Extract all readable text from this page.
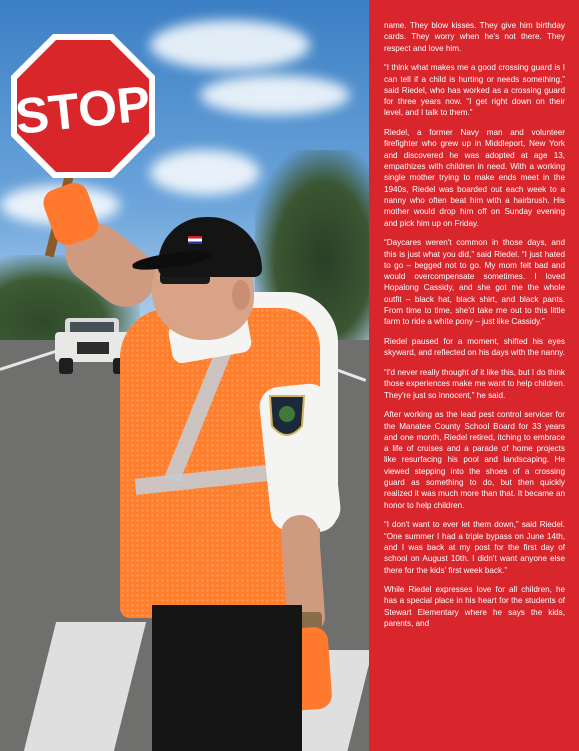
STOP

name. They blow kisses. They give him birthday cards. They worry when he's not there. They respect and love him.

“I think what makes me a good crossing guard is I can tell if a child is hurting or needs something,” said Riedel, who has worked as a crossing guard for three years now. “I get right down on their level, and I talk to them.”

Riedel, a former Navy man and volunteer firefighter who grew up in Middleport, New York and discovered he was adopted at age 13, empathizes with children in need. With a working single mother trying to make ends meet in the 1940s, Riedel was boarded out each week to a nanny who often beat him with a hairbrush. His mother would drop him off on Sunday evening and pick him up on Friday.

“Daycares weren't common in those days, and this is just what you did,” said Riedel. “I just hated to go – begged not to go. My mom felt bad and would overcompensate sometimes. I loved Hopalong Cassidy, and she got me the whole outfit – black hat, black shirt, and black pants. From time to time, she'd take me out to this little farm to ride a white pony – just like Cassidy.”

Riedel paused for a moment, shifted his eyes skyward, and reflected on his days with the nanny.

“I'd never really thought of it like this, but I do think those experiences make me want to help children. They're just so innocent,” he said.

After working as the lead pest control servicer for the Manatee County School Board for 33 years and one month, Riedel retired, itching to embrace a life of cruises and a parade of home projects like resurfacing his pool and landscaping. He viewed stepping into the shoes of a crossing guard as something to do, but then quickly realized it was much more than that. It became an honor to help children.

“I don't want to ever let them down,” said Riedel. “One summer I had a triple bypass on June 14th, and I was back at my post for the first day of school on August 10th. I didn't want anyone else there for the kids' first week back.”

While Riedel expresses love for all children, he has a special place in his heart for the students of Stewart Elementary where he says the kids, parents, and
